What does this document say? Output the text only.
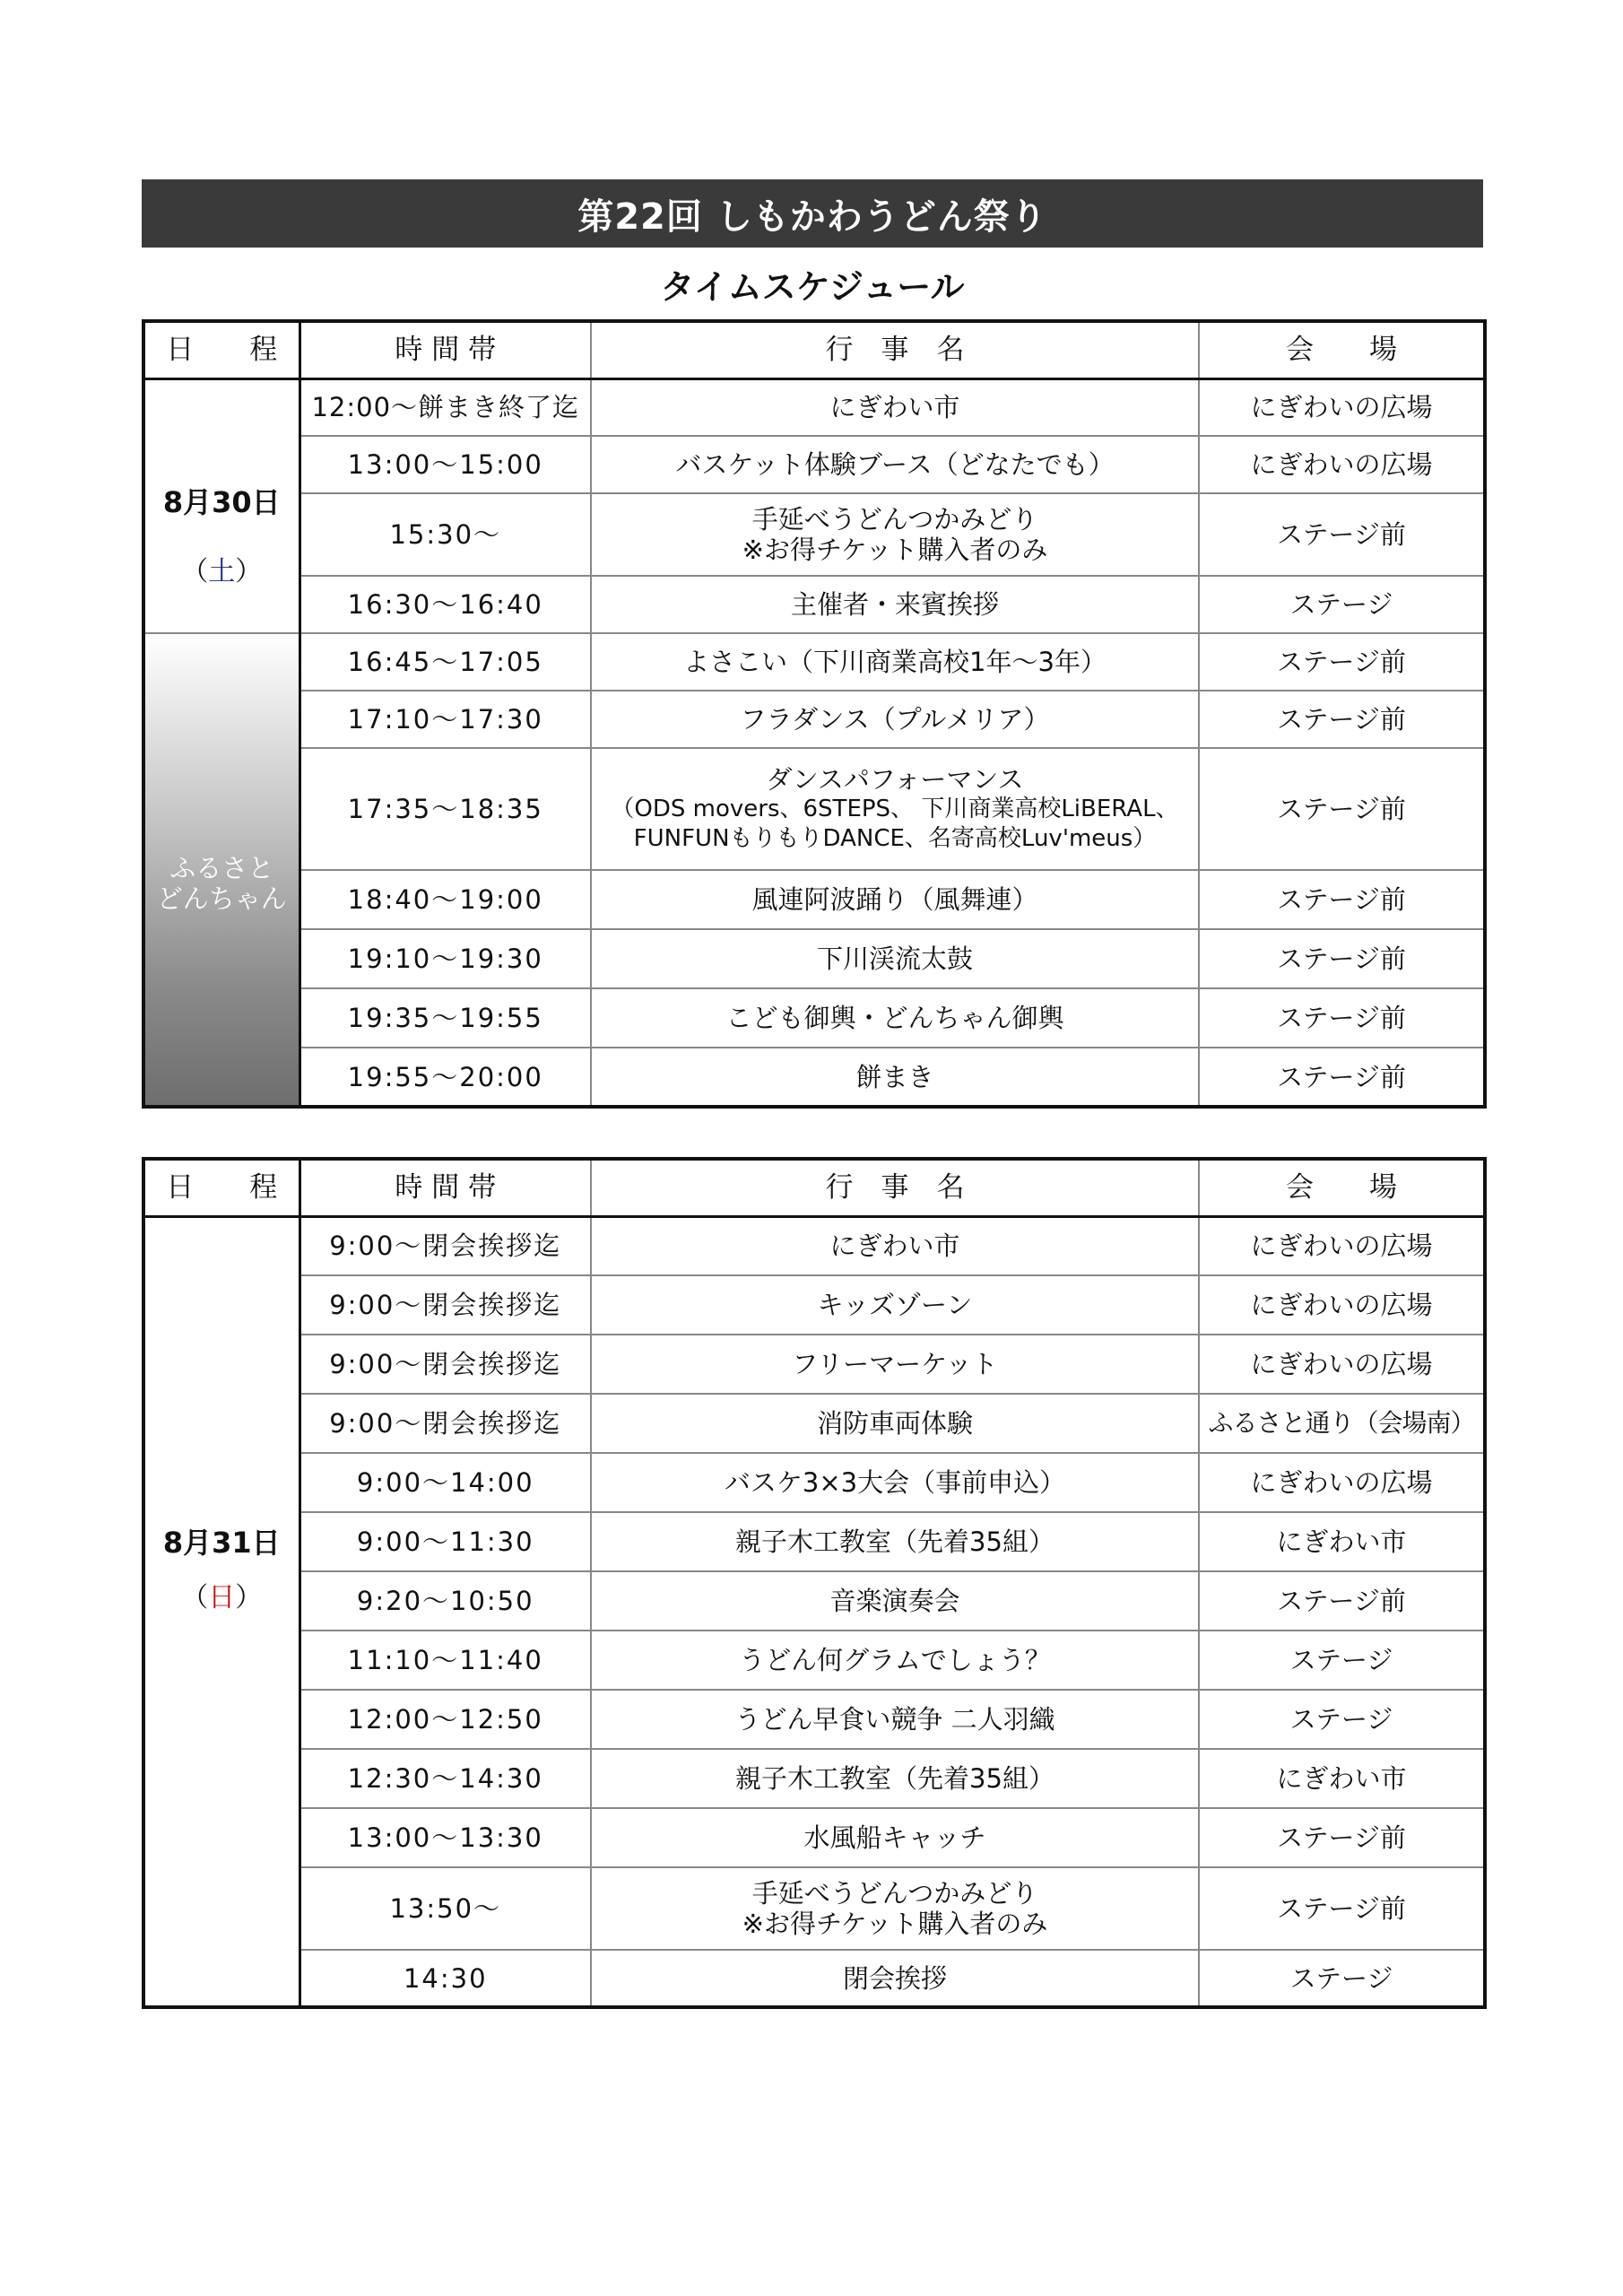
第22回 しもかわうどん祭り
タイムスケジュール
日　　程	時 間 帯	行　事　名	会　　場

8月30日
（土）	12:00～餅まき終了迄	にぎわい市	にぎわいの広場
	13:00～15:00	バスケット体験ブース（どなたでも）	にぎわいの広場
	15:30～	手延べうどんつかみどり
※お得チケット購入者のみ	ステージ前
	16:30～16:40	主催者・来賓挨拶	ステージ

ふるさと
どんちゃん	16:45～17:05	よさこい（下川商業高校1年～3年）	ステージ前
	17:10～17:30	フラダンス（プルメリア）	ステージ前
	17:35～18:35	ダンスパフォーマンス
（ODS movers、6STEPS、 下川商業高校LiBERAL、
FUNFUNもりもりDANCE、名寄高校Luv'meus）	ステージ前
	18:40～19:00	風連阿波踊り（風舞連）	ステージ前
	19:10～19:30	下川渓流太鼓	ステージ前
	19:35～19:55	こども御輿・どんちゃん御輿	ステージ前
	19:55～20:00	餅まき	ステージ前
日　　程	時 間 帯	行　事　名	会　　場

8月31日
（日）	9:00～閉会挨拶迄	にぎわい市	にぎわいの広場
	9:00～閉会挨拶迄	キッズゾーン	にぎわいの広場
	9:00～閉会挨拶迄	フリーマーケット	にぎわいの広場
	9:00～閉会挨拶迄	消防車両体験	ふるさと通り（会場南）
	9:00～14:00	バスケ3×3大会（事前申込）	にぎわいの広場
	9:00～11:30	親子木工教室（先着35組）	にぎわい市
	9:20～10:50	音楽演奏会	ステージ前
	11:10～11:40	うどん何グラムでしょう？	ステージ
	12:00～12:50	うどん早食い競争 二人羽織	ステージ
	12:30～14:30	親子木工教室（先着35組）	にぎわい市
	13:00～13:30	水風船キャッチ	ステージ前
	13:50～	手延べうどんつかみどり
※お得チケット購入者のみ	ステージ前
	14:30	閉会挨拶	ステージ
